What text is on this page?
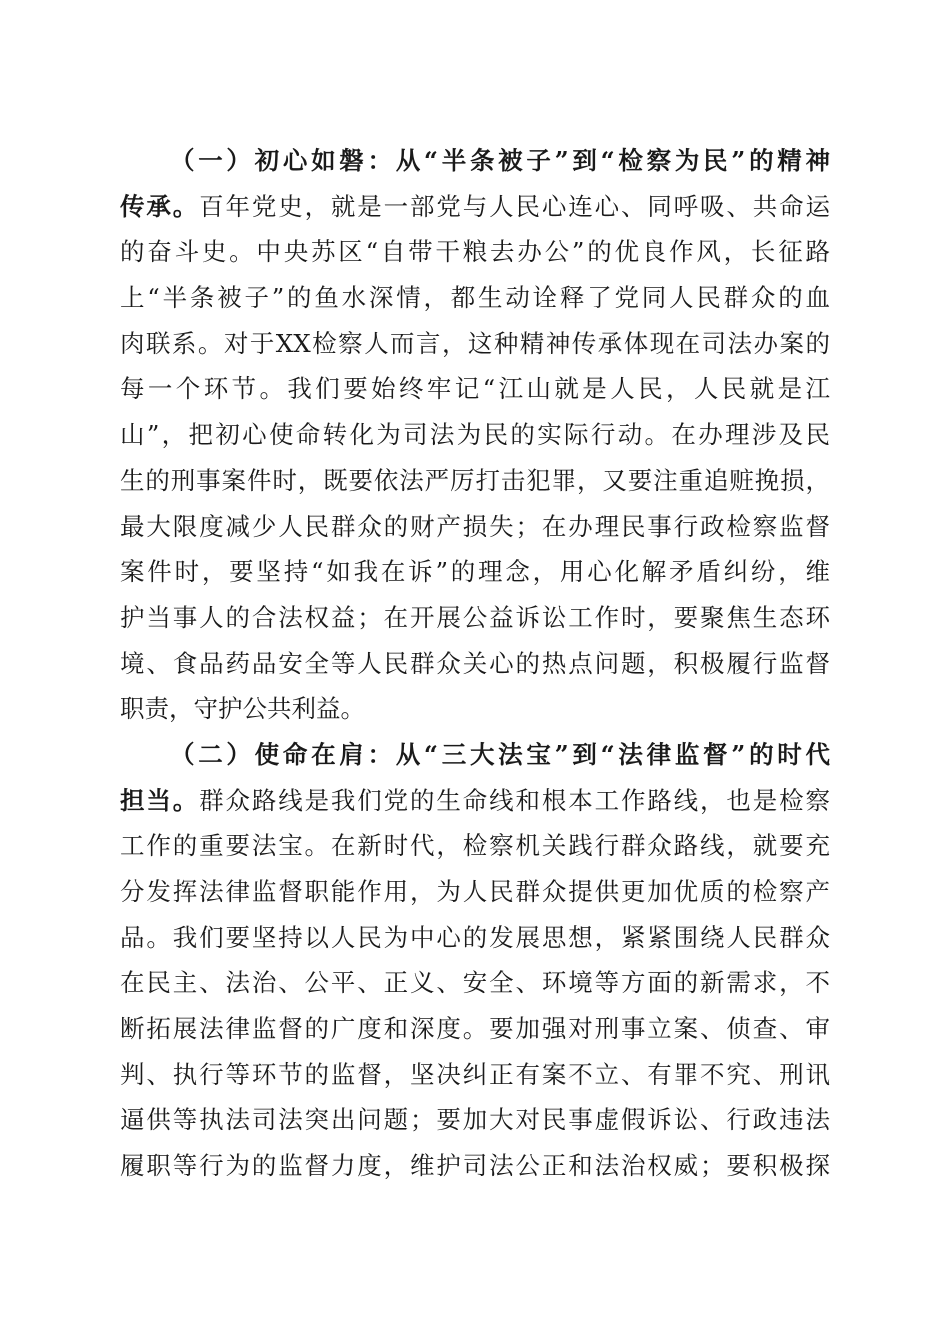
（一）初心如磐：从“半条被子”到“检察为民”的精神
传承。百年党史，就是一部党与人民心连心、同呼吸、共命运
的奋斗史。中央苏区“自带干粮去办公”的优良作风，长征路
上“半条被子”的鱼水深情，都生动诠释了党同人民群众的血
肉联系。对于XX检察人而言，这种精神传承体现在司法办案的
每一个环节。我们要始终牢记“江山就是人民，人民就是江
山”，把初心使命转化为司法为民的实际行动。在办理涉及民
生的刑事案件时，既要依法严厉打击犯罪，又要注重追赃挽损，
最大限度减少人民群众的财产损失；在办理民事行政检察监督
案件时，要坚持“如我在诉”的理念，用心化解矛盾纠纷，维
护当事人的合法权益；在开展公益诉讼工作时，要聚焦生态环
境、食品药品安全等人民群众关心的热点问题，积极履行监督
职责，守护公共利益。
（二）使命在肩：从“三大法宝”到“法律监督”的时代
担当。群众路线是我们党的生命线和根本工作路线，也是检察
工作的重要法宝。在新时代，检察机关践行群众路线，就要充
分发挥法律监督职能作用，为人民群众提供更加优质的检察产
品。我们要坚持以人民为中心的发展思想，紧紧围绕人民群众
在民主、法治、公平、正义、安全、环境等方面的新需求，不
断拓展法律监督的广度和深度。要加强对刑事立案、侦查、审
判、执行等环节的监督，坚决纠正有案不立、有罪不究、刑讯
逼供等执法司法突出问题；要加大对民事虚假诉讼、行政违法
履职等行为的监督力度，维护司法公正和法治权威；要积极探
